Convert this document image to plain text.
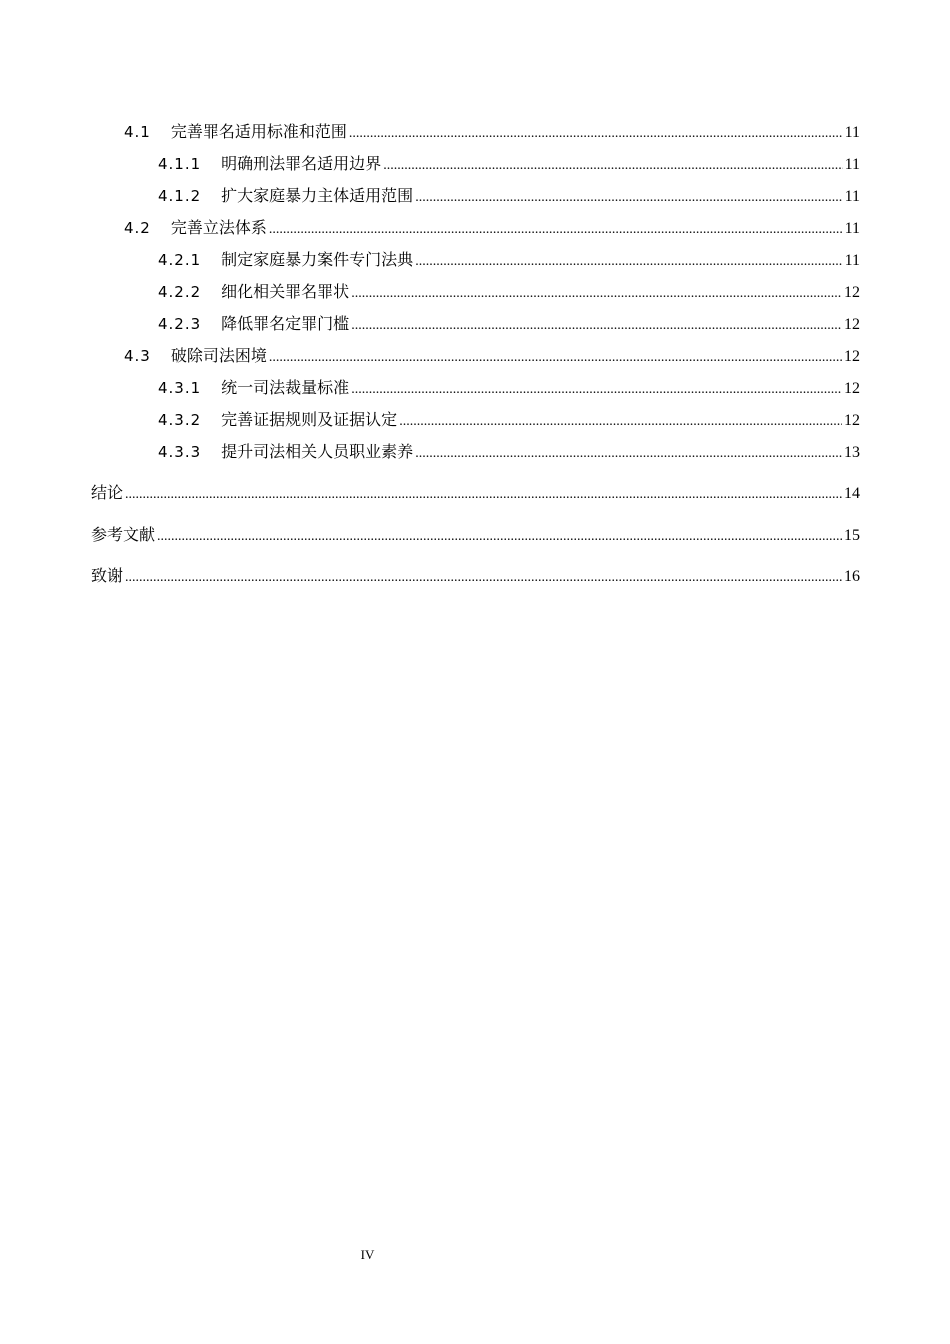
4.1 完善罪名适用标准和范围 .....	11
4.1.1 明确刑法罪名适用边界 .....	11
4.1.2 扩大家庭暴力主体适用范围 .....	11
4.2 完善立法体系 .....	11
4.2.1 制定家庭暴力案件专门法典 .....	11
4.2.2 细化相关罪名罪状 .....	12
4.2.3 降低罪名定罪门槛 .....	12
4.3 破除司法困境 .....	12
4.3.1 统一司法裁量标准 .....	12
4.3.2 完善证据规则及证据认定 .....	12
4.3.3 提升司法相关人员职业素养 .....	13
结论 .....	14
参考文献 .....	15
致谢 .....	16
IV
